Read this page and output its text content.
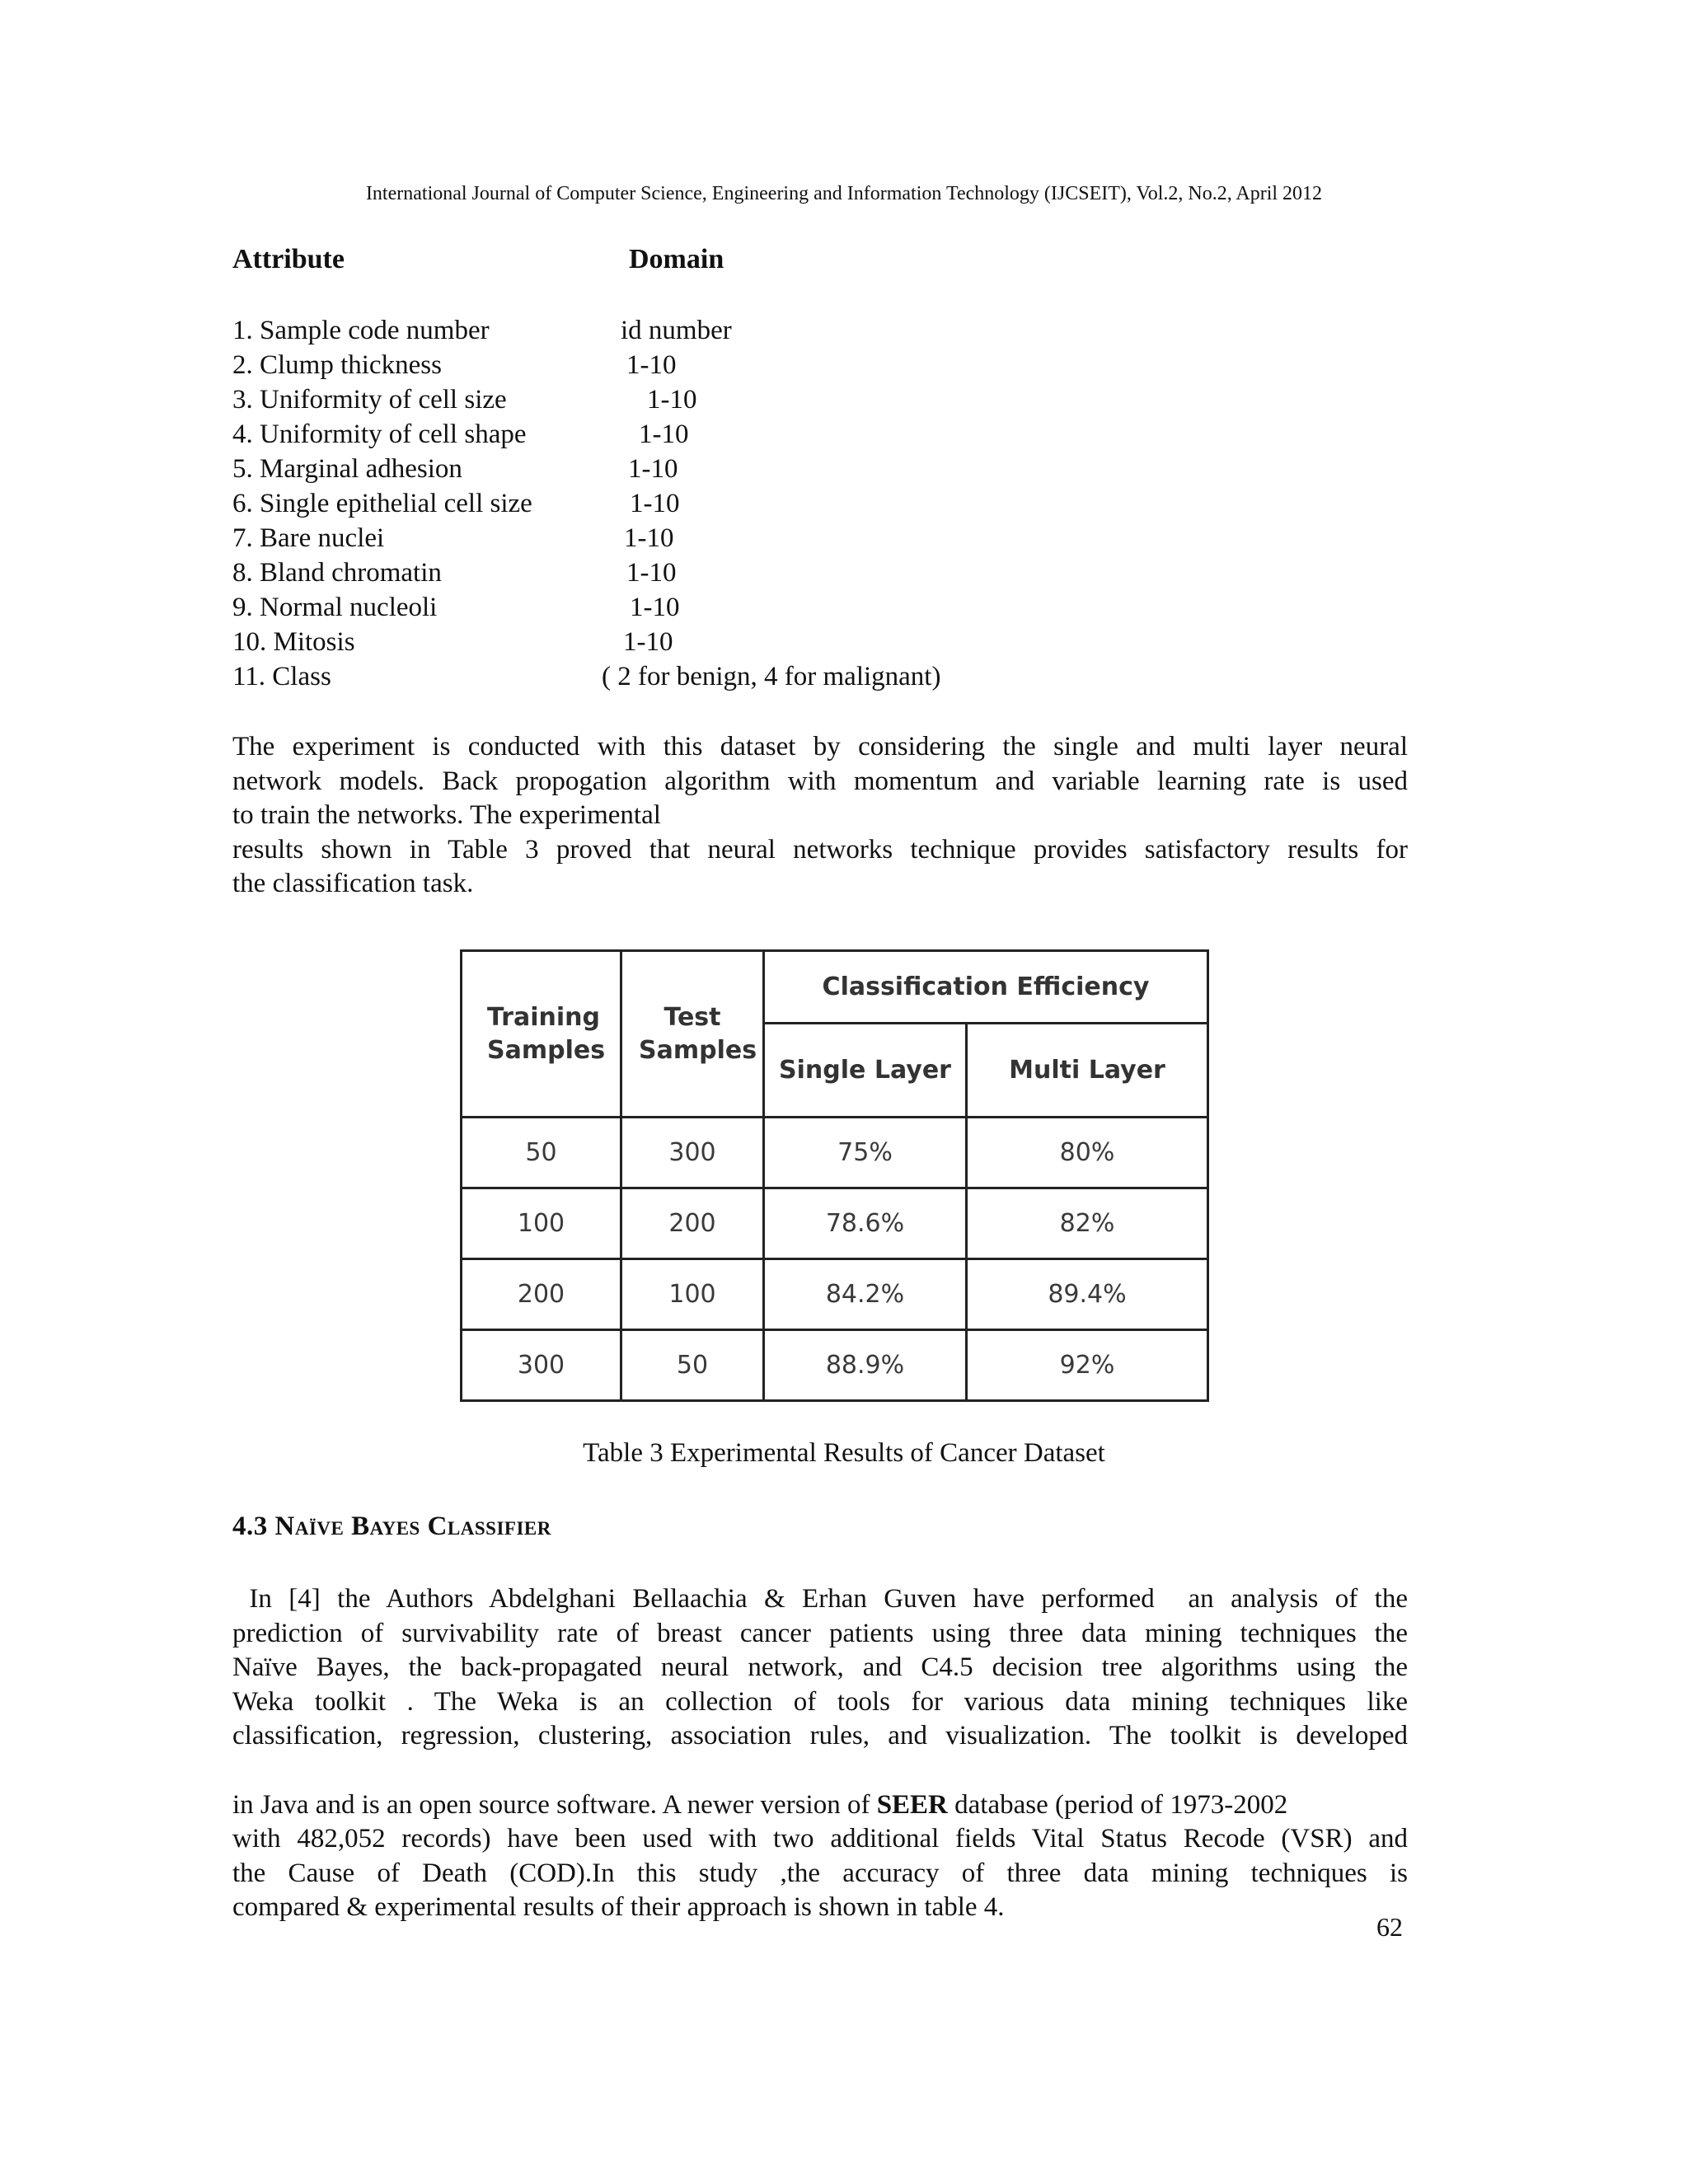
International Journal of Computer Science, Engineering and Information Technology (IJCSEIT), Vol.2, No.2, April 2012
Attribute	Domain
1. Sample code number	id number
2. Clump thickness	1-10
3. Uniformity of cell size	1-10
4. Uniformity of cell shape	1-10
5. Marginal adhesion	1-10
6. Single epithelial cell size	1-10
7. Bare nuclei	1-10
8. Bland chromatin	1-10
9. Normal nucleoli	1-10
10. Mitosis	1-10
11. Class	( 2 for benign, 4 for malignant)
The experiment is conducted with this dataset by considering the single and multi layer neural
network models. Back propogation algorithm with momentum and variable learning rate is used
to train the networks. The experimental
results shown in Table 3 proved that neural networks technique provides satisfactory results for
the classification task.
Training Samples	Test Samples	Classification Efficiency	
		Single Layer	Multi Layer
50	300	75%	80%
100	200	78.6%	82%
200	100	84.2%	89.4%
300	50	88.9%	92%
Table 3 Experimental Results of Cancer Dataset
4.3 Naïve Bayes Classifier
In [4] the Authors Abdelghani Bellaachia & Erhan Guven have performed  an analysis of the
prediction of survivability rate of breast cancer patients using three data mining techniques the
Naïve Bayes, the back-propagated neural network, and C4.5 decision tree algorithms using the
Weka toolkit . The Weka is an collection of tools for various data mining techniques like
classification, regression, clustering, association rules, and visualization. The toolkit is developed

in Java and is an open source software. A newer version of SEER database (period of 1973-2002
with 482,052 records) have been used with two additional fields Vital Status Recode (VSR) and
the Cause of Death (COD).In this study ,the accuracy of three data mining techniques is
compared & experimental results of their approach is shown in table 4.
62
